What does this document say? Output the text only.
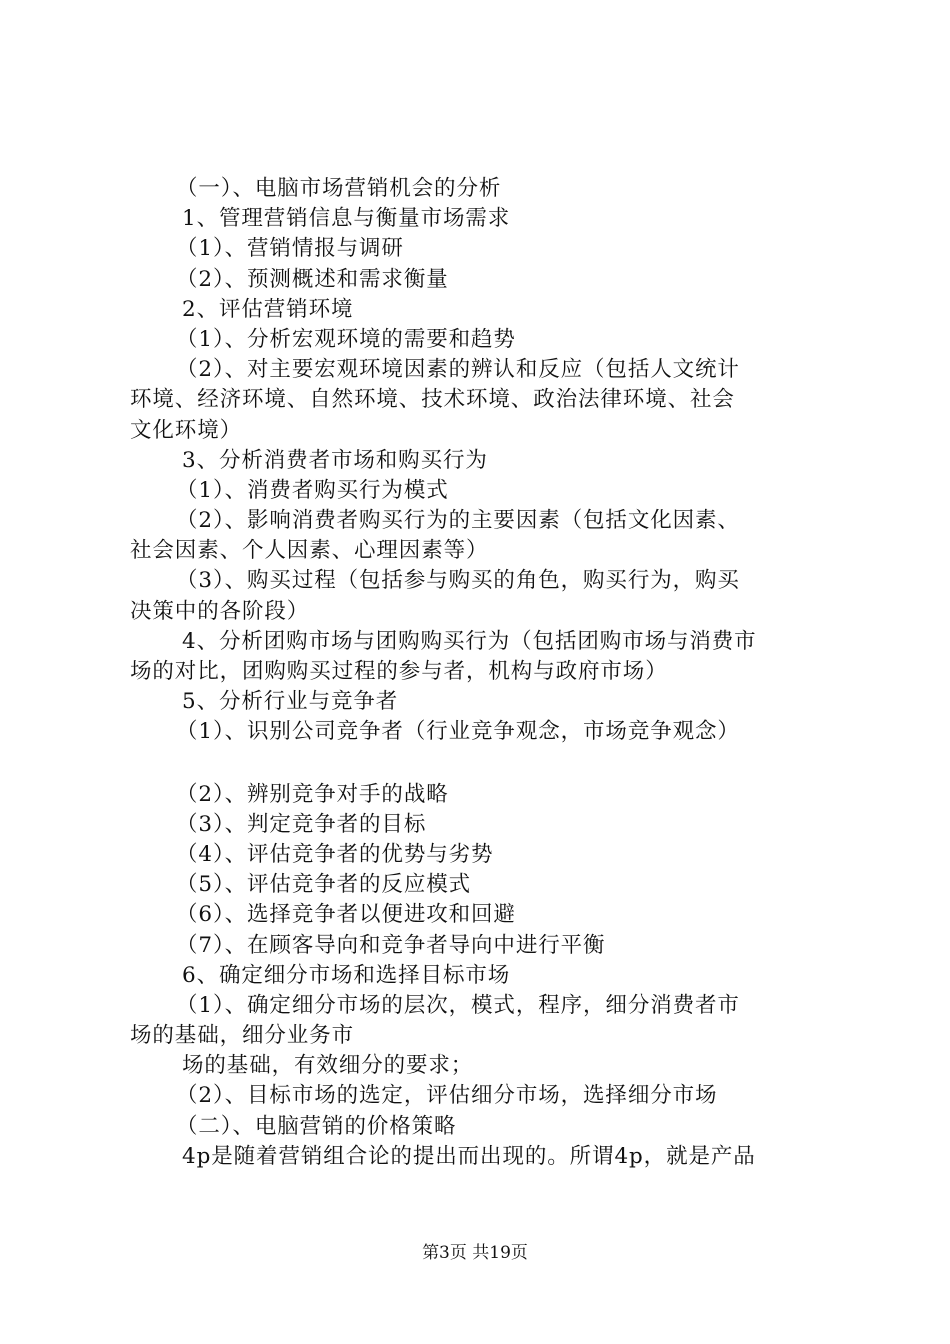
（一）、电脑市场营销机会的分析
1、管理营销信息与衡量市场需求
（1）、营销情报与调研
（2）、预测概述和需求衡量
2、评估营销环境
（1）、分析宏观环境的需要和趋势
（2）、对主要宏观环境因素的辨认和反应（包括人文统计
环境、经济环境、自然环境、技术环境、政治法律环境、社会
文化环境）
3、分析消费者市场和购买行为
（1）、消费者购买行为模式
（2）、影响消费者购买行为的主要因素（包括文化因素、
社会因素、个人因素、心理因素等）
（3）、购买过程（包括参与购买的角色，购买行为，购买
决策中的各阶段）
4、分析团购市场与团购购买行为（包括团购市场与消费市
场的对比，团购购买过程的参与者，机构与政府市场）
5、分析行业与竞争者
（1）、识别公司竞争者（行业竞争观念，市场竞争观念）
（2）、辨别竞争对手的战略
（3）、判定竞争者的目标
（4）、评估竞争者的优势与劣势
（5）、评估竞争者的反应模式
（6）、选择竞争者以便进攻和回避
（7）、在顾客导向和竞争者导向中进行平衡
6、确定细分市场和选择目标市场
（1）、确定细分市场的层次，模式，程序，细分消费者市
场的基础，细分业务市
场的基础，有效细分的要求；
（2）、目标市场的选定，评估细分市场，选择细分市场
（二）、电脑营销的价格策略
4p是随着营销组合论的提出而出现的。所谓4p，就是产品
第3页 共19页
